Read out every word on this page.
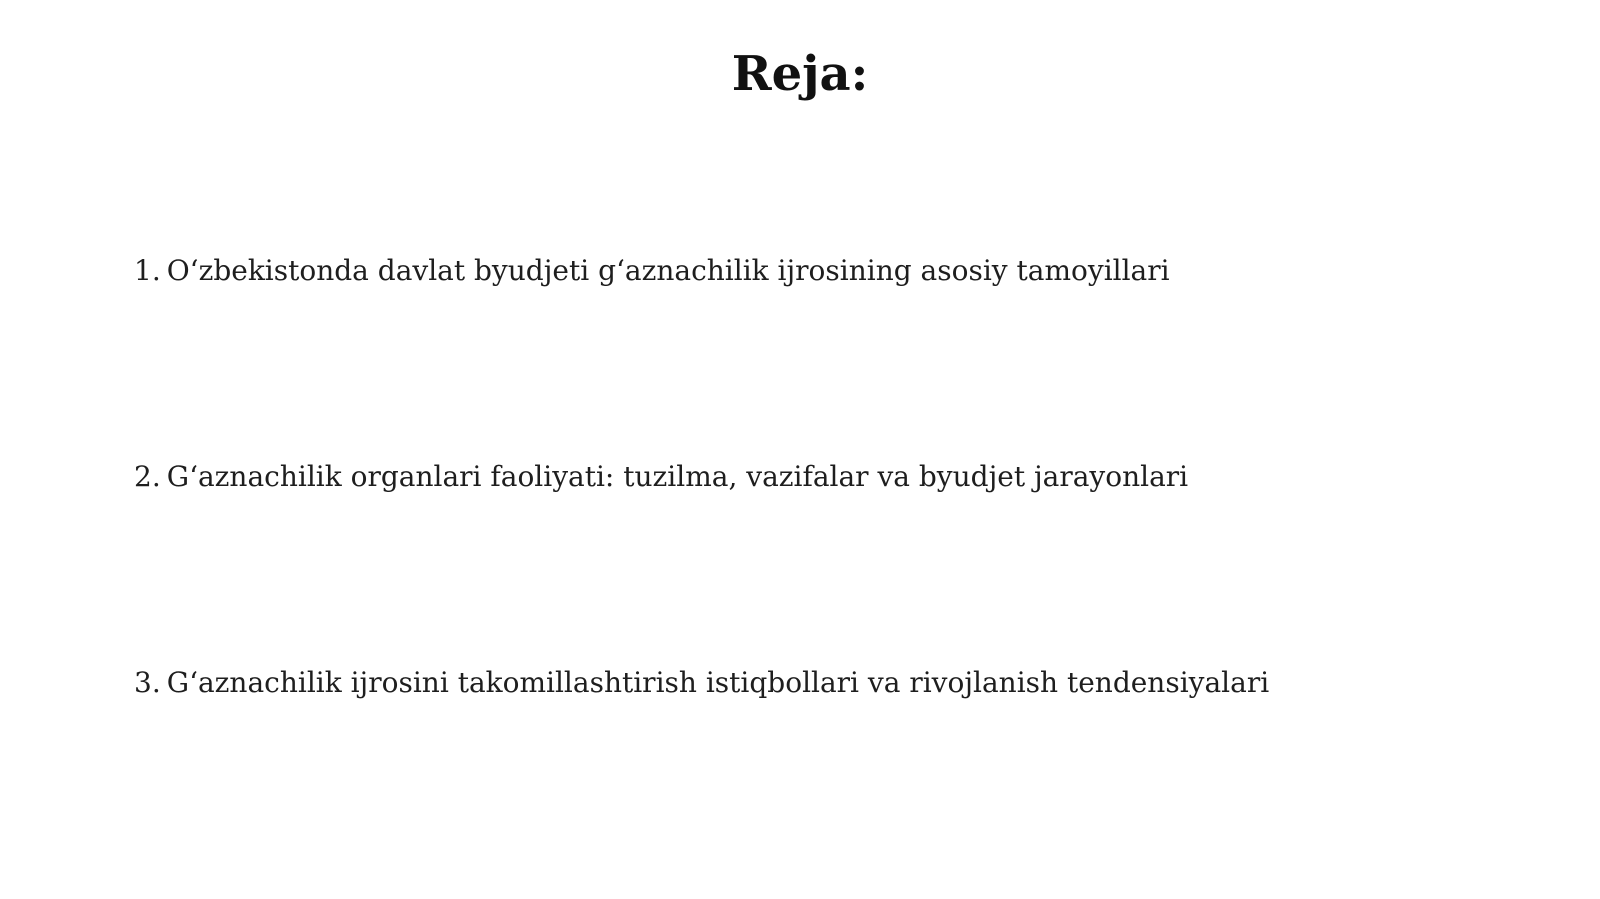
Reja:
1. O‘zbekistonda davlat byudjeti g‘aznachilik ijrosining asosiy tamoyillari
2. G‘aznachilik organlari faoliyati: tuzilma, vazifalar va byudjet jarayonlari
3. G‘aznachilik ijrosini takomillashtirish istiqbollari va rivojlanish tendensiyalari
